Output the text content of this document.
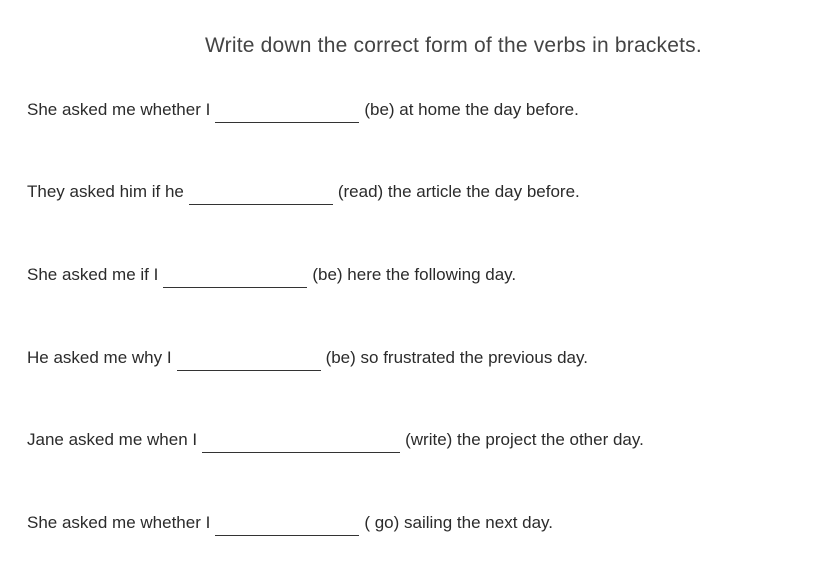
Write down the correct form of the verbs in brackets.
She asked me whether I	(be) at home the day before.
They asked him if he	(read) the article the day before.
She asked me if I	(be) here the following day.
He asked me why I	(be) so frustrated the previous day.
Jane asked me when I	(write) the project the other day.
She asked me whether I	( go) sailing the next day.
